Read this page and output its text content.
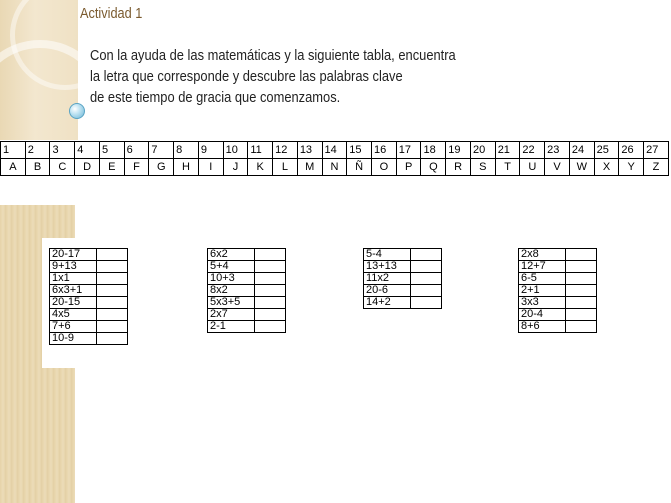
Actividad 1
Con la ayuda de las matemáticas y la siguiente tabla, encuentra
la letra que corresponde y descubre las palabras clave
de este tiempo de gracia que comenzamos.
1	2	3	4	5	6	7	8	9	10	11	12	13	14	15	16	17	18	19	20	21	22	23	24	25	26	27
A	B	C	D	E	F	G	H	I	J	K	L	M	N	Ñ	O	P	Q	R	S	T	U	V	W	X	Y	Z
20-17	
9+13	
1x1	
6x3+1	
20-15	
4x5	
7+6	
10-9	
6x2	
5+4	
10+3	
8x2	
5x3+5	
2x7	
2-1	
5-4	
13+13	
11x2	
20-6	
14+2	
2x8	
12+7	
6-5	
2+1	
3x3	
20-4	
8+6	
